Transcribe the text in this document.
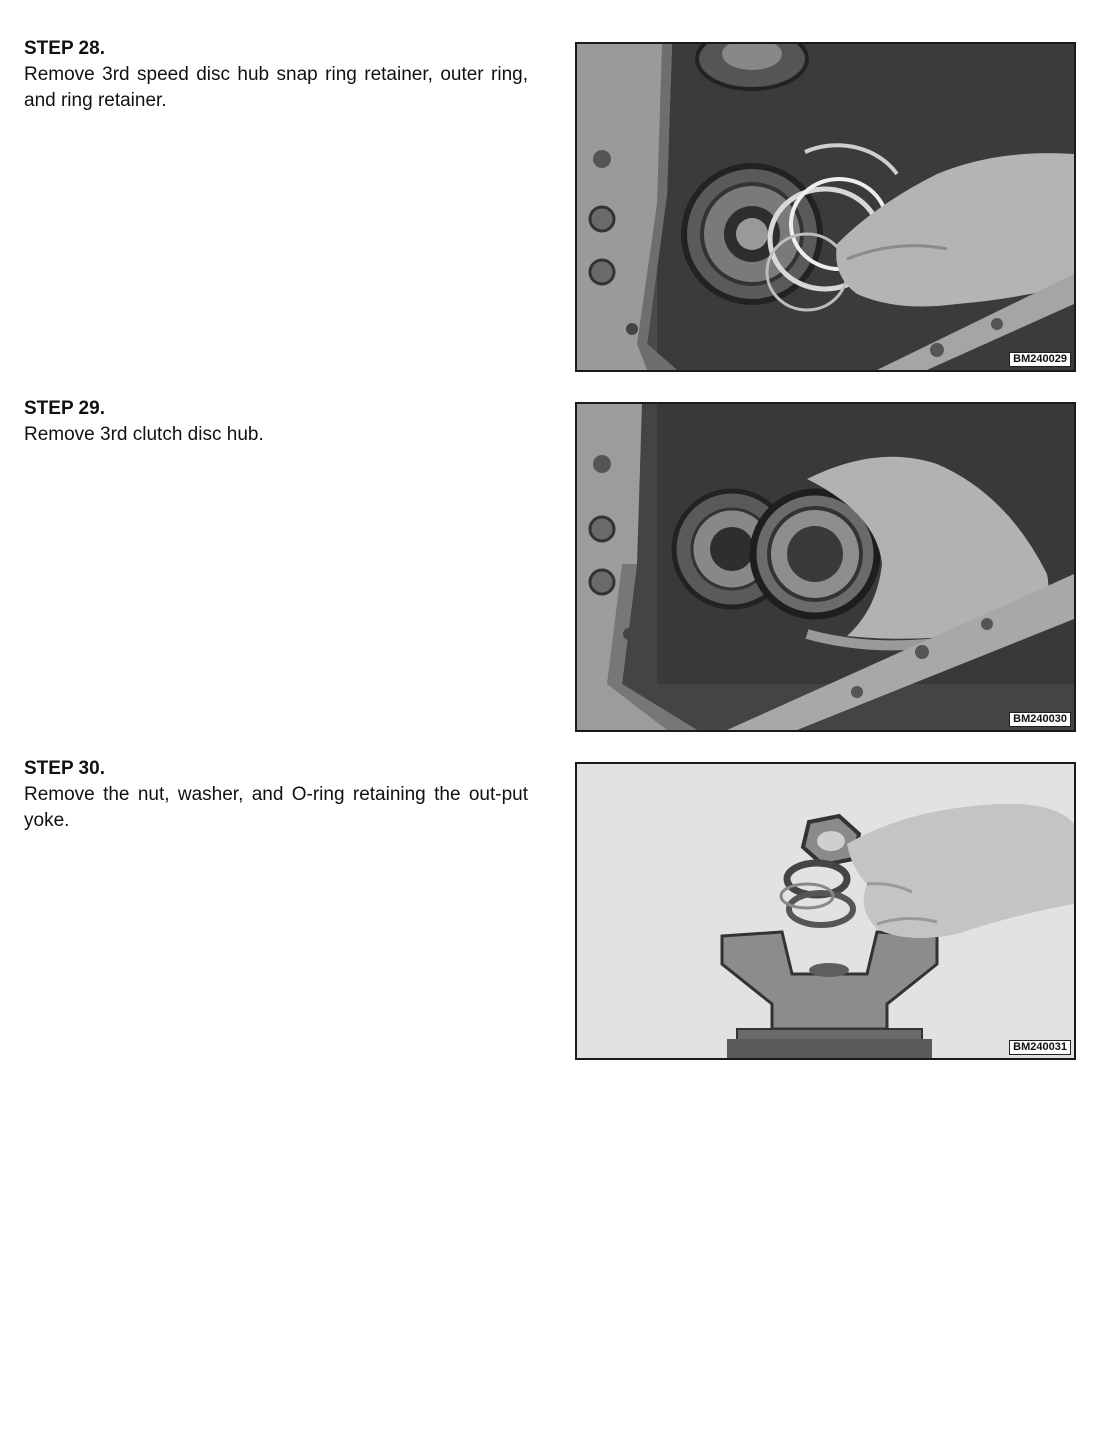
STEP 28.

Remove 3rd speed disc hub snap ring retainer, outer ring, and ring retainer.

BM240029

STEP 29.

Remove 3rd clutch disc hub.

BM240030

STEP 30.

Remove the nut, washer, and O-ring retaining the out-put yoke.

BM240031
